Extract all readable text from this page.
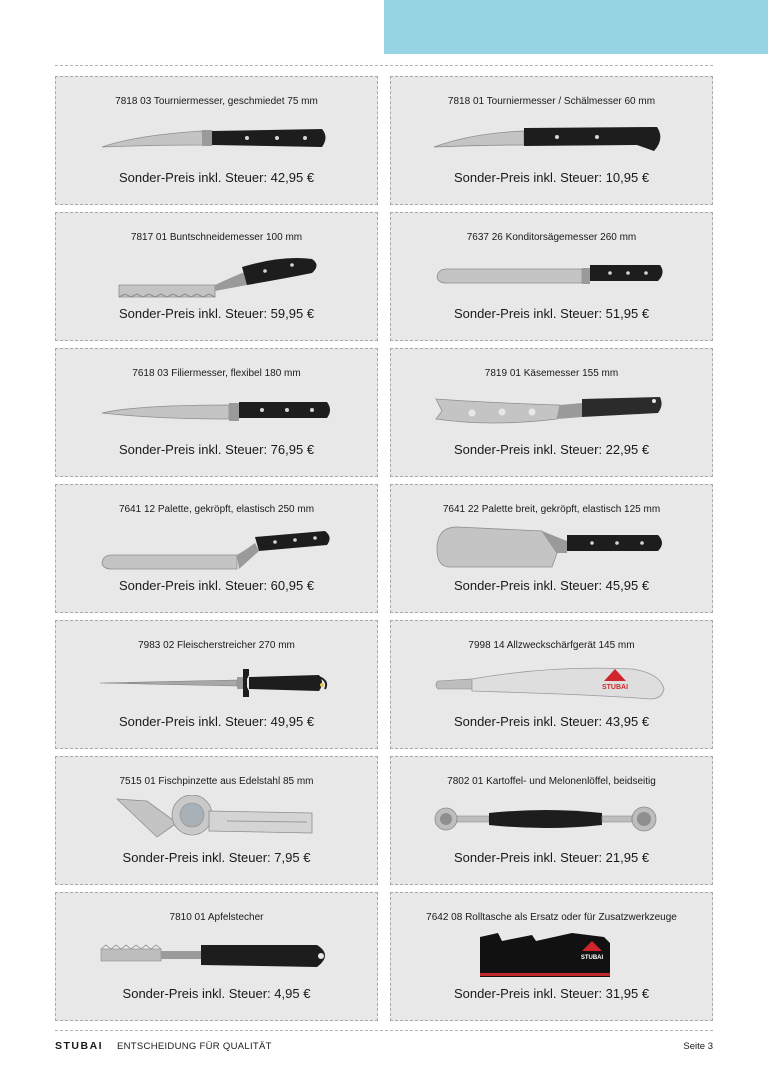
7818 03 Tourniermesser, geschmiedet 75 mm
Sonder-Preis inkl. Steuer: 42,95 €
7818 01 Tourniermesser / Schälmesser 60 mm
Sonder-Preis inkl. Steuer: 10,95 €
7817 01 Buntschneidemesser 100 mm
Sonder-Preis inkl. Steuer: 59,95 €
7637 26 Konditorsägemesser 260 mm
Sonder-Preis inkl. Steuer: 51,95 €
7618 03 Filiermesser, flexibel 180 mm
Sonder-Preis inkl. Steuer: 76,95 €
7819 01 Käsemesser 155 mm
Sonder-Preis inkl. Steuer: 22,95 €
7641 12 Palette, gekröpft, elastisch 250 mm
Sonder-Preis inkl. Steuer: 60,95 €
7641 22 Palette breit, gekröpft, elastisch 125 mm
Sonder-Preis inkl. Steuer: 45,95 €
7983 02 Fleischerstreicher 270 mm
Sonder-Preis inkl. Steuer: 49,95 €
7998 14 Allzweckschärfgerät 145 mm
STUBAI
Sonder-Preis inkl. Steuer: 43,95 €
7515 01 Fischpinzette aus Edelstahl 85 mm
Sonder-Preis inkl. Steuer: 7,95 €
7802 01 Kartoffel- und Melonenlöffel, beidseitig
Sonder-Preis inkl. Steuer: 21,95 €
7810 01 Apfelstecher
Sonder-Preis inkl. Steuer: 4,95 €
7642 08 Rolltasche als Ersatz oder für Zusatzwerkzeuge
STUBAI
Sonder-Preis inkl. Steuer: 31,95 €
STUBAI ENTSCHEIDUNG FÜR QUALITÄT	Seite 3
